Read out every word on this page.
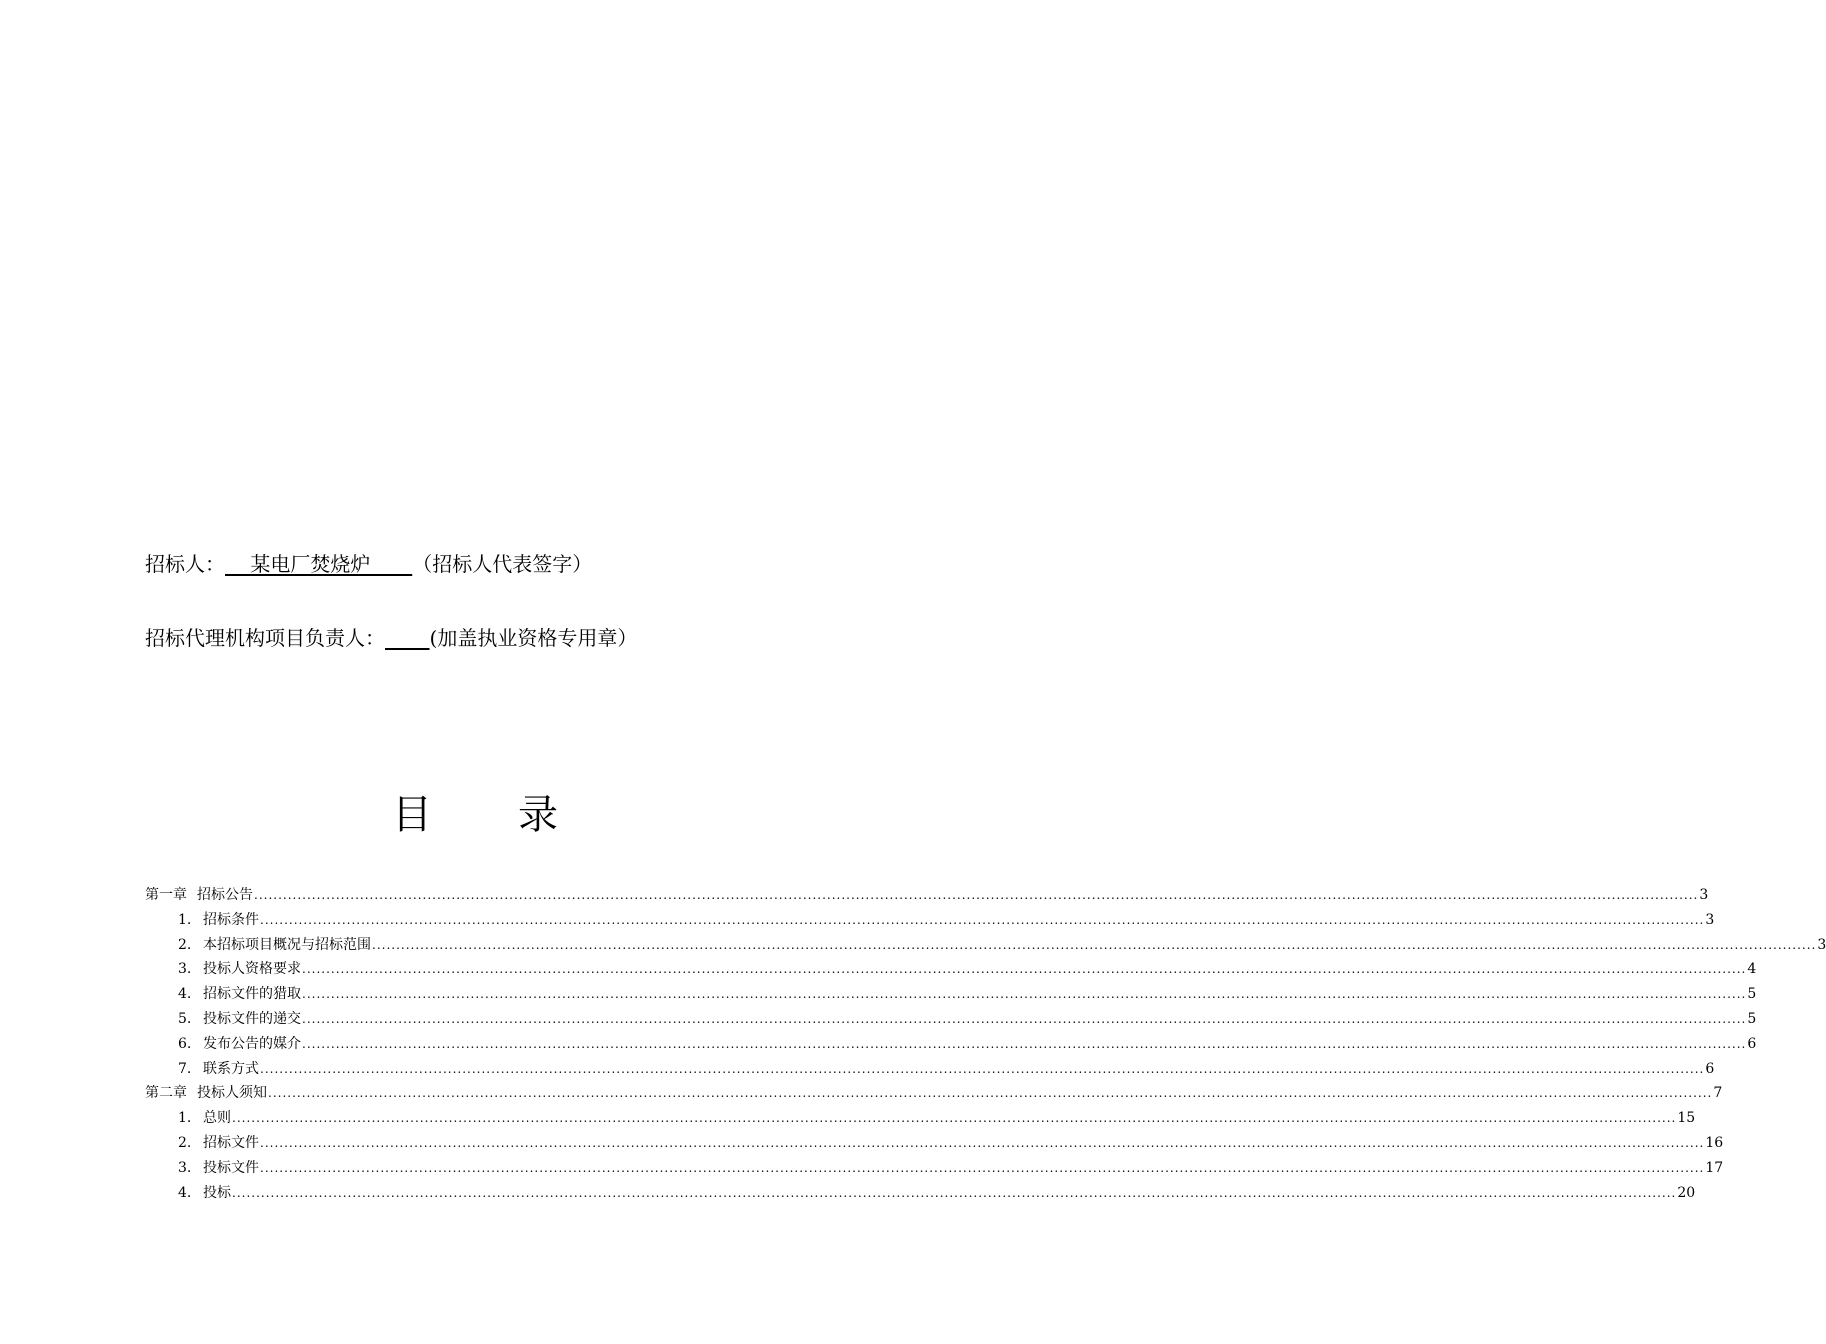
招标人：    某电厂焚烧炉_     （招标人代表签字）
招标代理机构项目负责人： (加盖执业资格专用章）
目 录
第一章 招标公告 ............................................................................................................................................................................................................................................................................................................ 3
1. 招标条件 ............................................................................................................................................................................................................................................................................................................ 3
2. 本招标项目概况与招标范围 ............................................................................................................................................................................................................................................................................................................ 3
3. 投标人资格要求 ............................................................................................................................................................................................................................................................................................................ 4
4. 招标文件的猎取 ............................................................................................................................................................................................................................................................................................................ 5
5. 投标文件的递交 ............................................................................................................................................................................................................................................................................................................ 5
6. 发布公告的媒介 ............................................................................................................................................................................................................................................................................................................ 6
7. 联系方式 ............................................................................................................................................................................................................................................................................................................ 6
第二章 投标人须知 ............................................................................................................................................................................................................................................................................................................ 7
1. 总则 ............................................................................................................................................................................................................................................................................................................ 15
2. 招标文件 ............................................................................................................................................................................................................................................................................................................ 16
3. 投标文件 ............................................................................................................................................................................................................................................................................................................ 17
4. 投标 ............................................................................................................................................................................................................................................................................................................ 20
